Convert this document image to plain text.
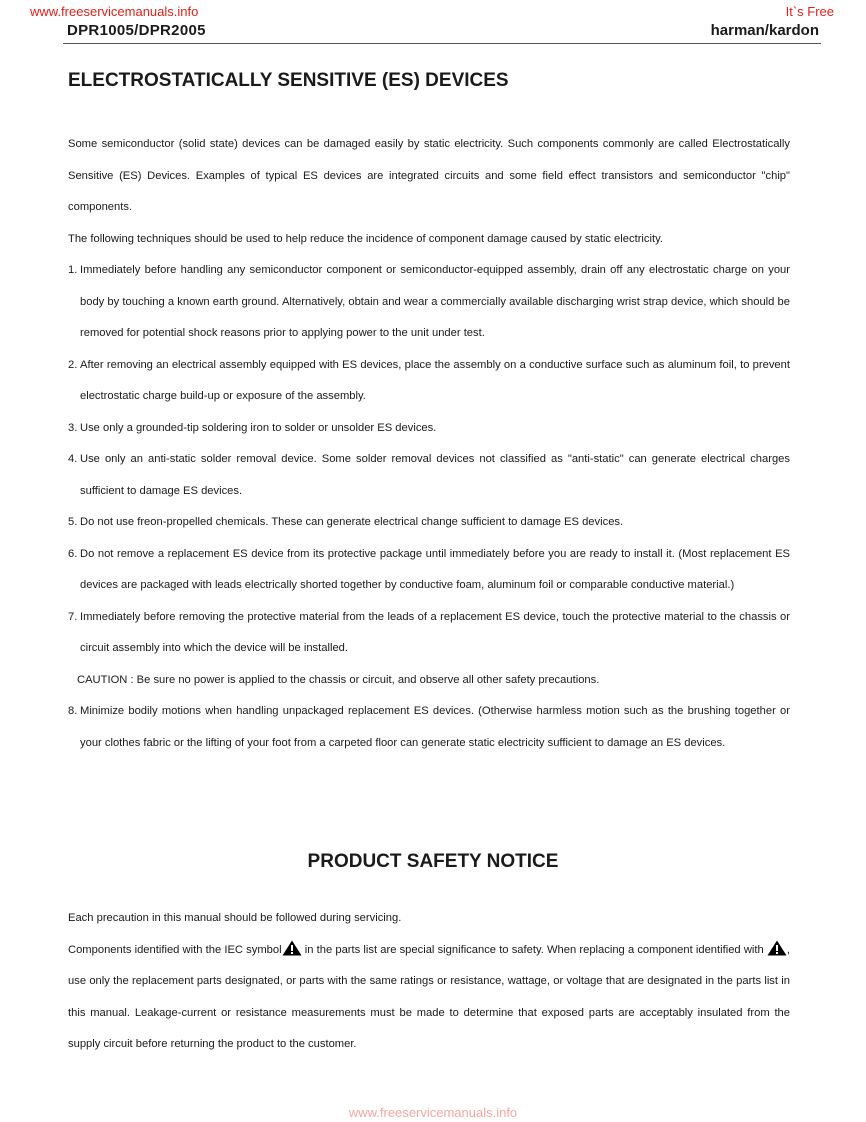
www.freeservicemanuals.info	It`s Free
DPR1005/DPR2005	harman/kardon
ELECTROSTATICALLY SENSITIVE (ES) DEVICES

Some semiconductor (solid state) devices can be damaged easily by static electricity. Such components commonly are called Electrostatically Sensitive (ES) Devices. Examples of typical ES devices are integrated circuits and some field effect transistors and semiconductor "chip" components.

The following techniques should be used to help reduce the incidence of component damage caused by static electricity.

1. Immediately before handling any semiconductor component or semiconductor-equipped assembly, drain off any electrostatic charge on your body by touching a known earth ground. Alternatively, obtain and wear a commercially available discharging wrist strap device, which should be removed for potential shock reasons prior to applying power to the unit under test.
2. After removing an electrical assembly equipped with ES devices, place the assembly on a conductive surface such as aluminum foil, to prevent electrostatic charge build-up or exposure of the assembly.
3. Use only a grounded-tip soldering iron to solder or unsolder ES devices.
4. Use only an anti-static solder removal device. Some solder removal devices not classified as "anti-static" can generate electrical charges sufficient to damage ES devices.
5. Do not use freon-propelled chemicals. These can generate electrical change sufficient to damage ES devices.
6. Do not remove a replacement ES device from its protective package until immediately before you are ready to install it. (Most replacement ES devices are packaged with leads electrically shorted together by conductive foam, aluminum foil or comparable conductive material.)
7. Immediately before removing the protective material from the leads of a replacement ES device, touch the protective material to the chassis or circuit assembly into which the device will be installed.
CAUTION : Be sure no power is applied to the chassis or circuit, and observe all other safety precautions.
8. Minimize bodily motions when handling unpackaged replacement ES devices. (Otherwise harmless motion such as the brushing together or your clothes fabric or the lifting of your foot from a carpeted floor can generate static electricity sufficient to damage an ES devices.
PRODUCT SAFETY NOTICE

Each precaution in this manual should be followed during servicing.

Components identified with the IEC symbol in the parts list are special significance to safety. When replacing a component identified with , use only the replacement parts designated, or parts with the same ratings or resistance, wattage, or voltage that are designated in the parts list in this manual. Leakage-current or resistance measurements must be made to determine that exposed parts are acceptably insulated from the supply circuit before returning the product to the customer.

www.freeservicemanuals.info
